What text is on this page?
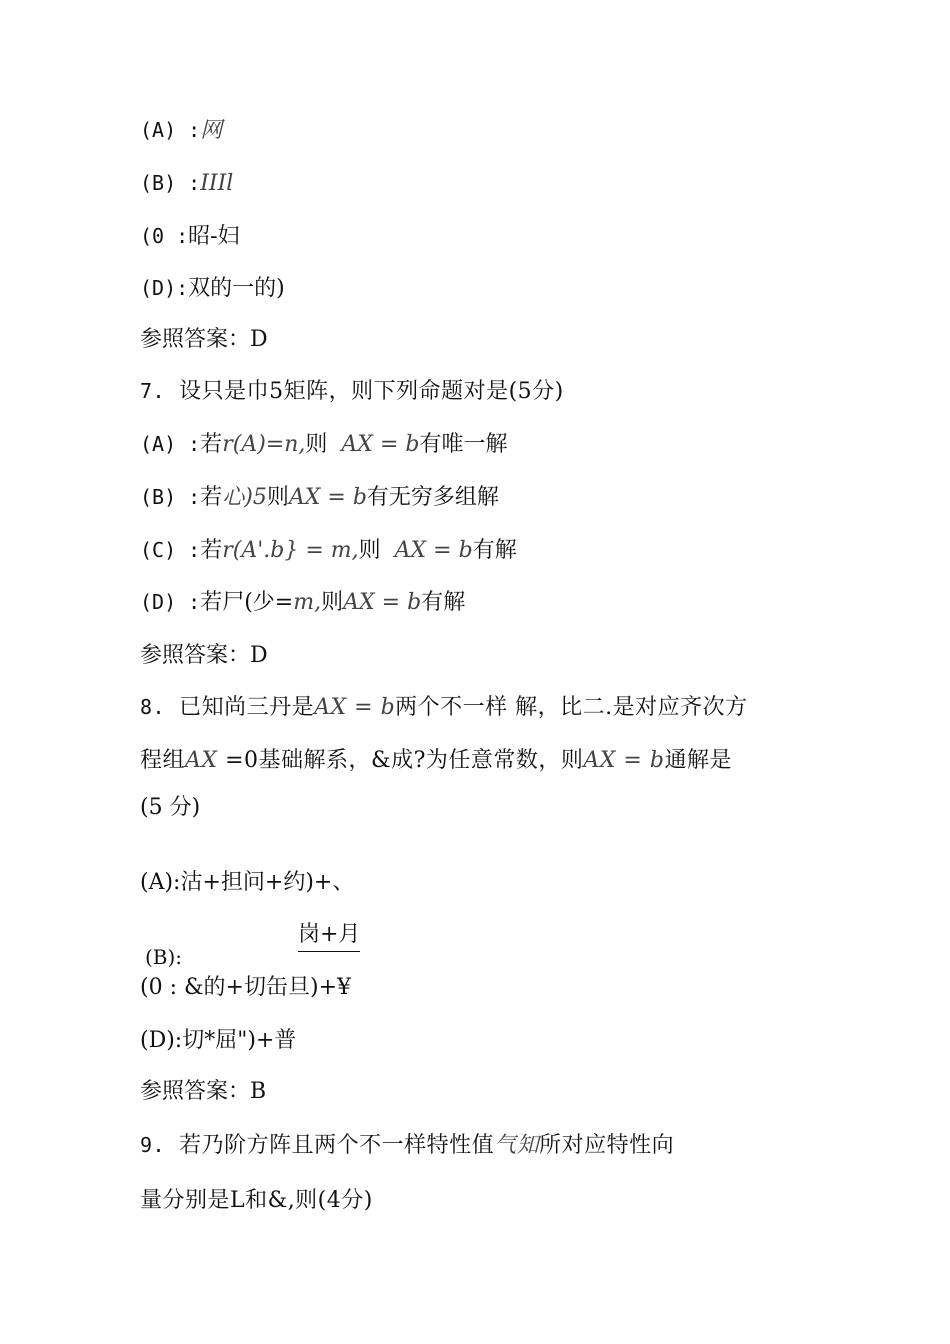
(A) :网
(B) :IIIl
(0 :昭-妇
(D):双的一的)
参照答案：D
7. 设只是巾5矩阵，则下列命题对是(5分)
(A) :若r(A)=n,则 AX = b有唯一解
(B) :若心)5则AX = b有无穷多组解
(C) :若r(A'.b} = m,则 AX = b有解
(D) :若尸(少=m,则AX = b有解
参照答案：D
8. 已知尚三丹是AX = b两个不一样 解，比二.是对应齐次方
程组AX =0基础解系，&成?为任意常数，则AX = b通解是
(5 分)
(A):沽+担问+约)+、
岗+月
(B):
(0 : &的+切缶旦)+¥
(D):切*屈")+普
参照答案：B
9. 若乃阶方阵且两个不一样特性值气知所对应特性向
量分别是L和&,则(4分)
